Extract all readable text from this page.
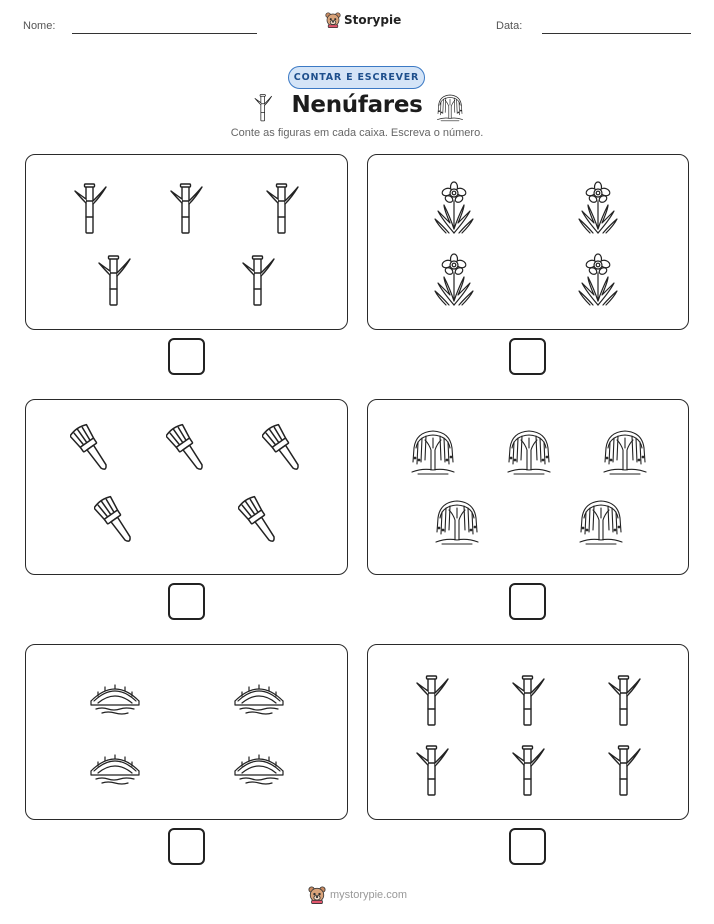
Nome:	Storypie	Data:
CONTAR E ESCREVER
Nenúfares
Conte as figuras em cada caixa. Escreva o número.
mystorypie.com
